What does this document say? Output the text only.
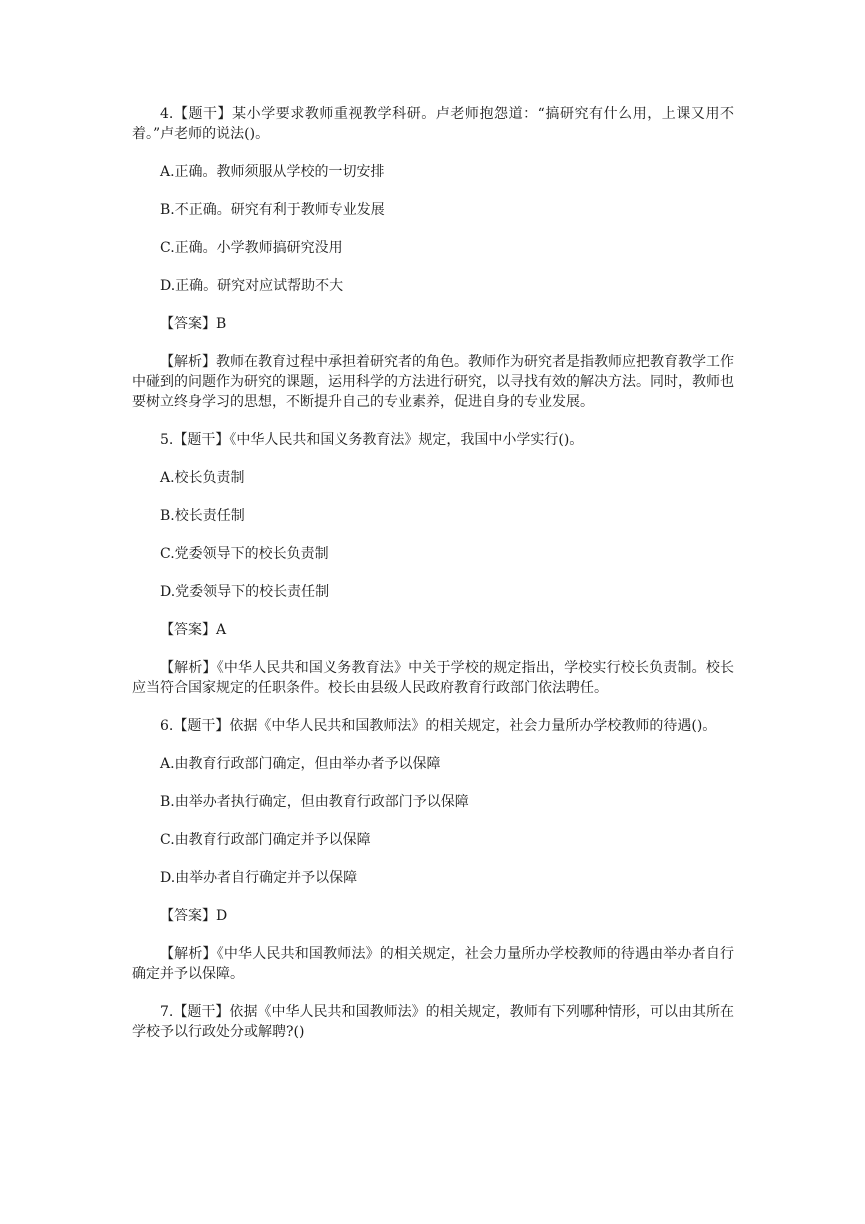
4.【题干】某小学要求教师重视教学科研。卢老师抱怨道：“搞研究有什么用，上课又用不着。”卢老师的说法()。

A.正确。教师须服从学校的一切安排

B.不正确。研究有利于教师专业发展

C.正确。小学教师搞研究没用

D.正确。研究对应试帮助不大

【答案】B

【解析】教师在教育过程中承担着研究者的角色。教师作为研究者是指教师应把教育教学工作中碰到的问题作为研究的课题，运用科学的方法进行研究，以寻找有效的解决方法。同时，教师也要树立终身学习的思想，不断提升自己的专业素养，促进自身的专业发展。

5.【题干】《中华人民共和国义务教育法》规定，我国中小学实行()。

A.校长负责制

B.校长责任制

C.党委领导下的校长负责制

D.党委领导下的校长责任制

【答案】A

【解析】《中华人民共和国义务教育法》中关于学校的规定指出，学校实行校长负责制。校长应当符合国家规定的任职条件。校长由县级人民政府教育行政部门依法聘任。

6.【题干】依据《中华人民共和国教师法》的相关规定，社会力量所办学校教师的待遇()。

A.由教育行政部门确定，但由举办者予以保障

B.由举办者执行确定，但由教育行政部门予以保障

C.由教育行政部门确定并予以保障

D.由举办者自行确定并予以保障

【答案】D

【解析】《中华人民共和国教师法》的相关规定，社会力量所办学校教师的待遇由举办者自行确定并予以保障。

7.【题干】依据《中华人民共和国教师法》的相关规定，教师有下列哪种情形，可以由其所在学校予以行政处分或解聘?()
